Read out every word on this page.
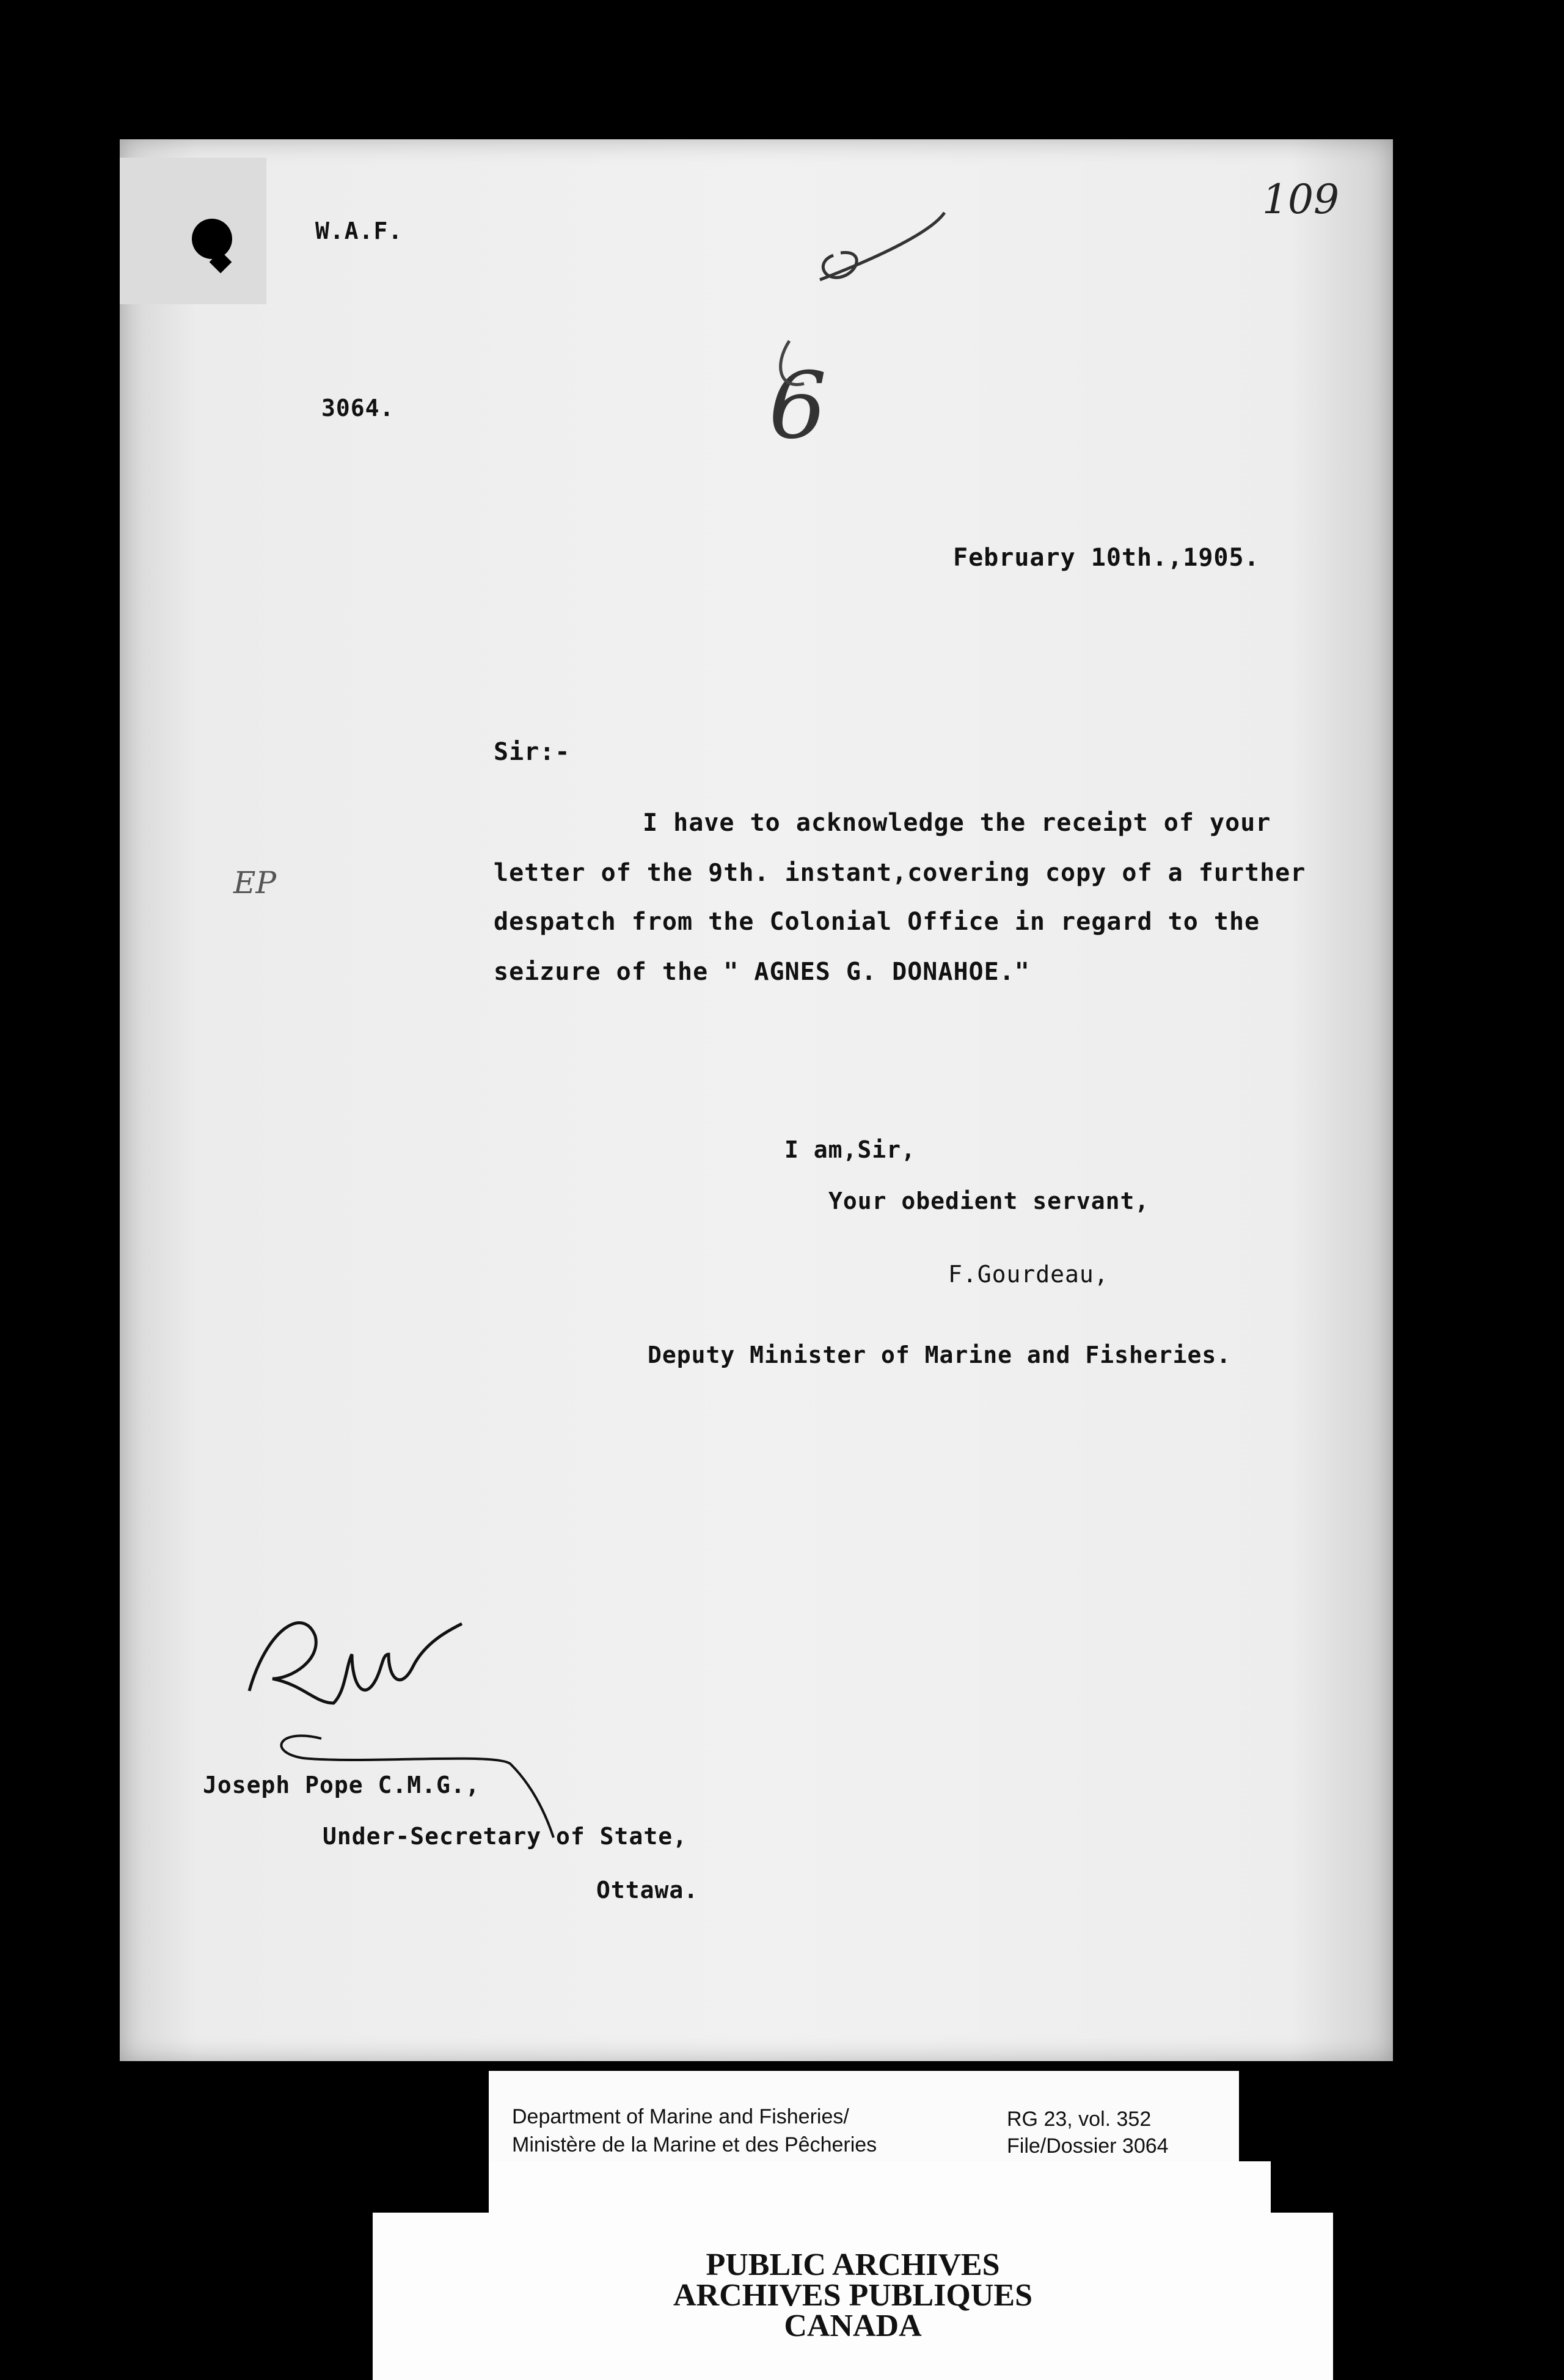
W.A.F.
3064.
February 10th.,1905.
Sir:-
I have to acknowledge the receipt of your
letter of the 9th. instant,covering copy of a further
despatch from the Colonial Office in regard to the
seizure of the " AGNES G. DONAHOE."
I am,Sir,
Your obedient servant,
F.Gourdeau,
Deputy Minister of Marine and Fisheries.
Joseph Pope C.M.G.,
Under-Secretary of State,
Ottawa.
109
6
EP
Department of Marine and Fisheries/
Ministère de la Marine et des Pêcheries
RG 23, vol. 352
File/Dossier 3064
PUBLIC ARCHIVES
ARCHIVES PUBLIQUES
CANADA
